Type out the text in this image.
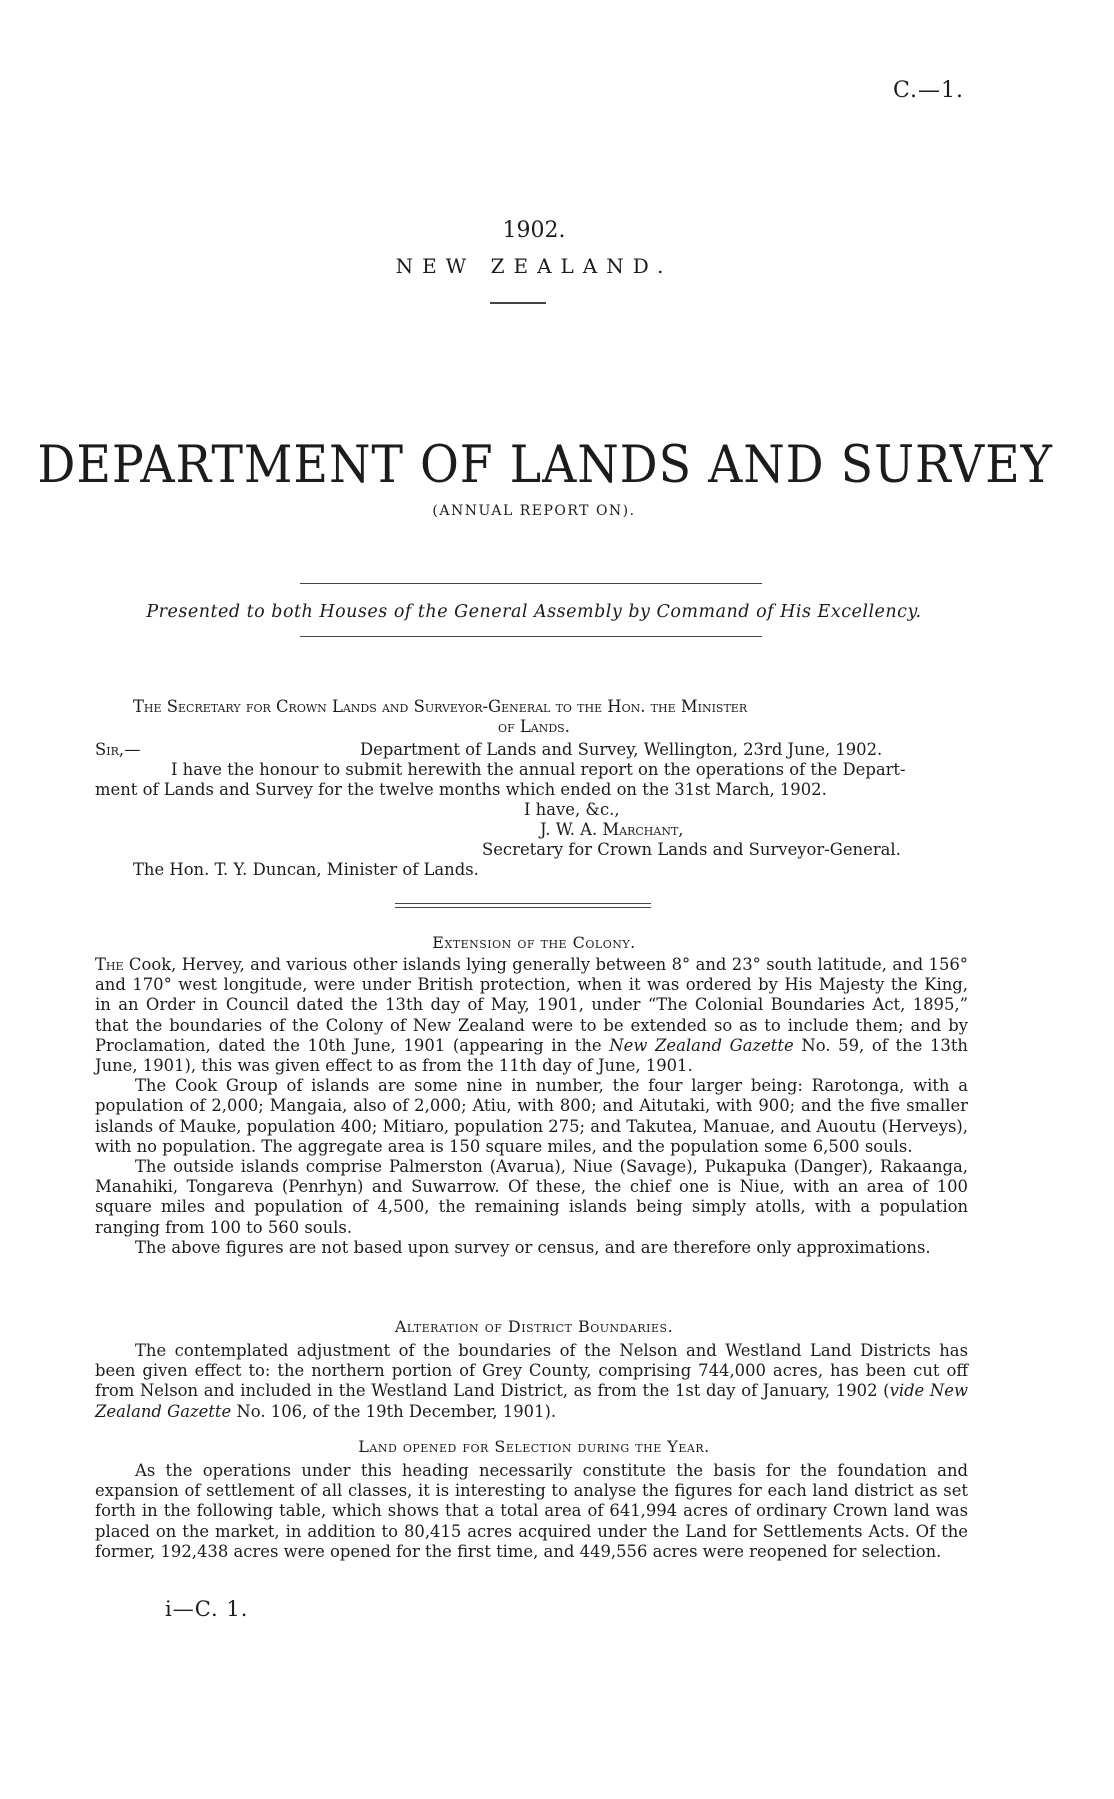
C.—1.
1902.
NEW ZEALAND.
DEPARTMENT OF LANDS AND SURVEY
(ANNUAL REPORT ON).
Presented to both Houses of the General Assembly by Command of His Excellency.
The Secretary for Crown Lands and Surveyor-General to the Hon. the Minister
of Lands.
Sir,—	Department of Lands and Survey, Wellington, 23rd June, 1902.
I have the honour to submit herewith the annual report on the operations of the Depart-
ment of Lands and Survey for the twelve months which ended on the 31st March, 1902.
I have, &c.,
J. W. A. Marchant,
Secretary for Crown Lands and Surveyor-General.
The Hon. T. Y. Duncan, Minister of Lands.
Extension of the Colony.

The Cook, Hervey, and various other islands lying generally between 8° and 23° south latitude, and 156° and 170° west longitude, were under British protection, when it was ordered by His Majesty the King, in an Order in Council dated the 13th day of May, 1901, under “The Colonial Boundaries Act, 1895,” that the boundaries of the Colony of New Zealand were to be extended so as to include them; and by Proclamation, dated the 10th June, 1901 (appearing in the New Zealand Gazette No. 59, of the 13th June, 1901), this was given effect to as from the 11th day of June, 1901.

The Cook Group of islands are some nine in number, the four larger being: Rarotonga, with a population of 2,000; Mangaia, also of 2,000; Atiu, with 800; and Aitutaki, with 900; and the five smaller islands of Mauke, population 400; Mitiaro, population 275; and Takutea, Manuae, and Auoutu (Herveys), with no population. The aggregate area is 150 square miles, and the population some 6,500 souls.

The outside islands comprise Palmerston (Avarua), Niue (Savage), Pukapuka (Danger), Rakaanga, Manahiki, Tongareva (Penrhyn) and Suwarrow. Of these, the chief one is Niue, with an area of 100 square miles and population of 4,500, the remaining islands being simply atolls, with a population ranging from 100 to 560 souls.

The above figures are not based upon survey or census, and are therefore only approximations.

Alteration of District Boundaries.

The contemplated adjustment of the boundaries of the Nelson and Westland Land Districts has been given effect to: the northern portion of Grey County, comprising 744,000 acres, has been cut off from Nelson and included in the Westland Land District, as from the 1st day of January, 1902 (vide New Zealand Gazette No. 106, of the 19th December, 1901).

Land opened for Selection during the Year.

As the operations under this heading necessarily constitute the basis for the foundation and expansion of settlement of all classes, it is interesting to analyse the figures for each land district as set forth in the following table, which shows that a total area of 641,994 acres of ordinary Crown land was placed on the market, in addition to 80,415 acres acquired under the Land for Settlements Acts. Of the former, 192,438 acres were opened for the first time, and 449,556 acres were reopened for selection.

i—C. 1.
